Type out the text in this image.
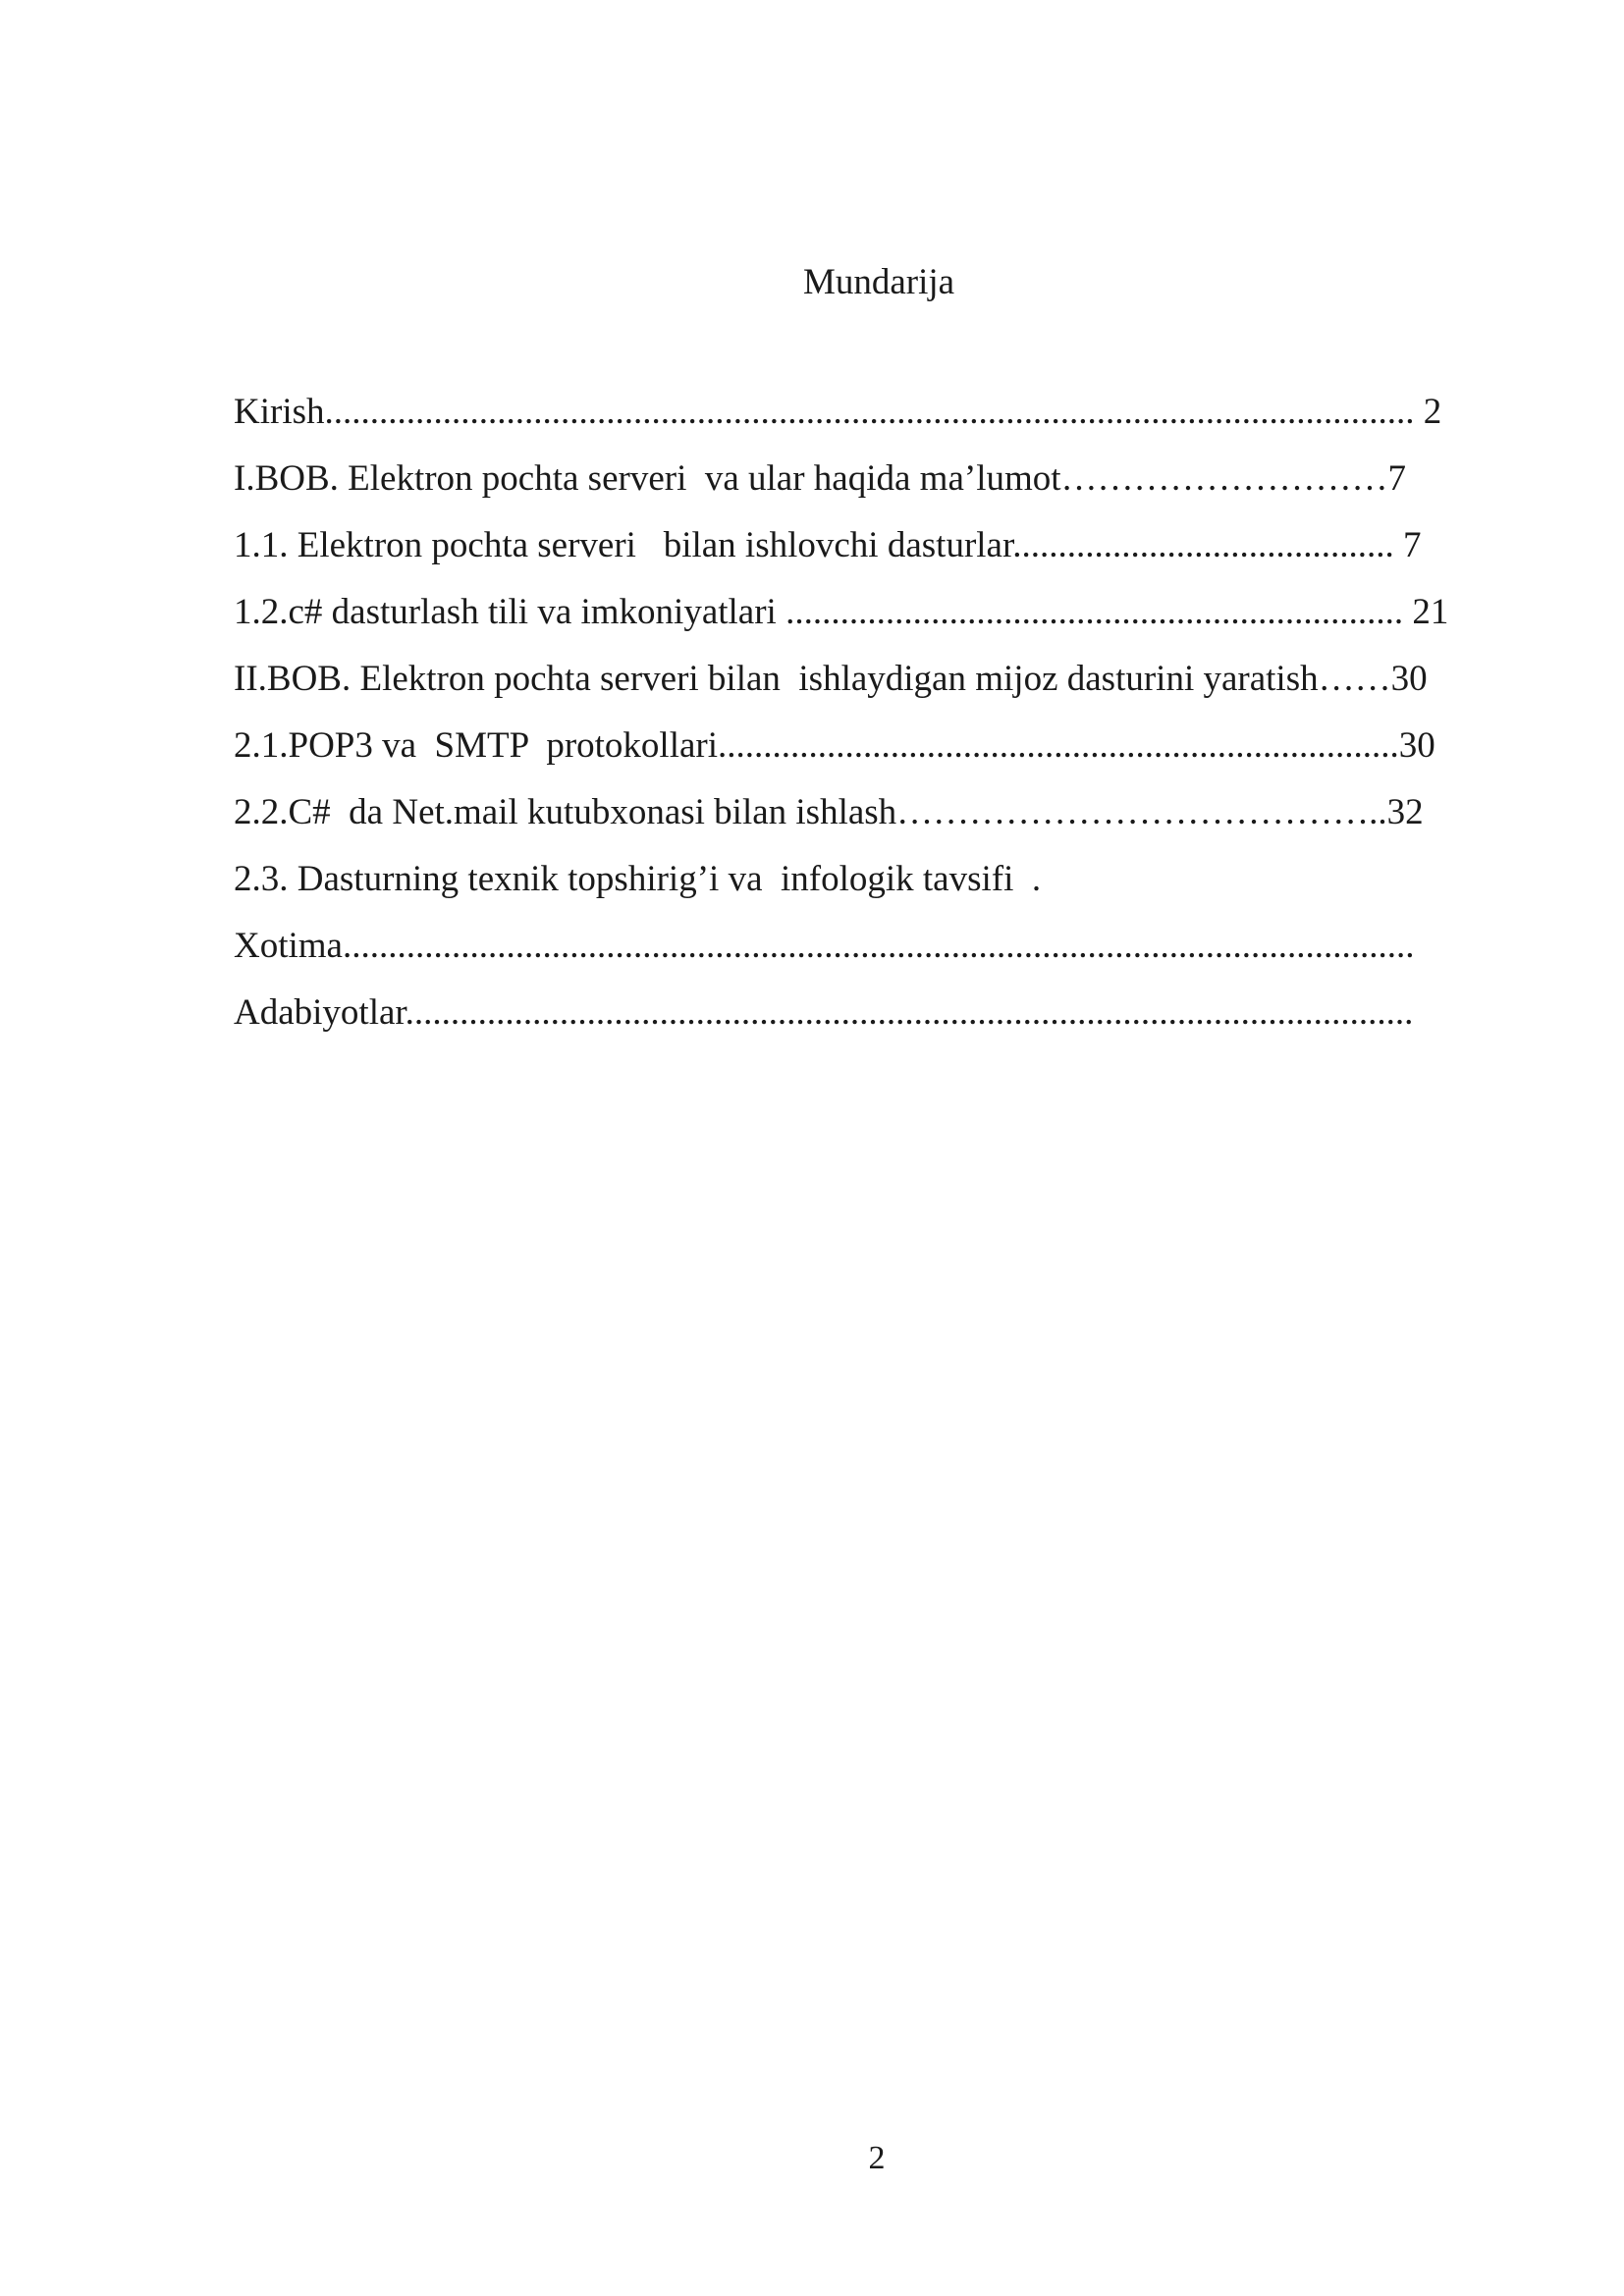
Mundarija
Kirish........................................................................................................................ 2
I.BOB. Elektron pochta serveri  va ular haqida ma’lumot………………………7
1.1. Elektron pochta serveri   bilan ishlovchi dasturlar.......................................... 7
1.2.c# dasturlash tili va imkoniyatlari .................................................................... 21
II.BOB. Elektron pochta serveri bilan  ishlaydigan mijoz dasturini yaratish……30
2.1.POP3 va  SMTP  protokollari...........................................................................30
2.2.C#  da Net.mail kutubxonasi bilan ishlash…………………………………..32
2.3. Dasturning texnik topshirig’i va  infologik tavsifi  .
Xotima......................................................................................................................
Adabiyotlar...............................................................................................................
2
